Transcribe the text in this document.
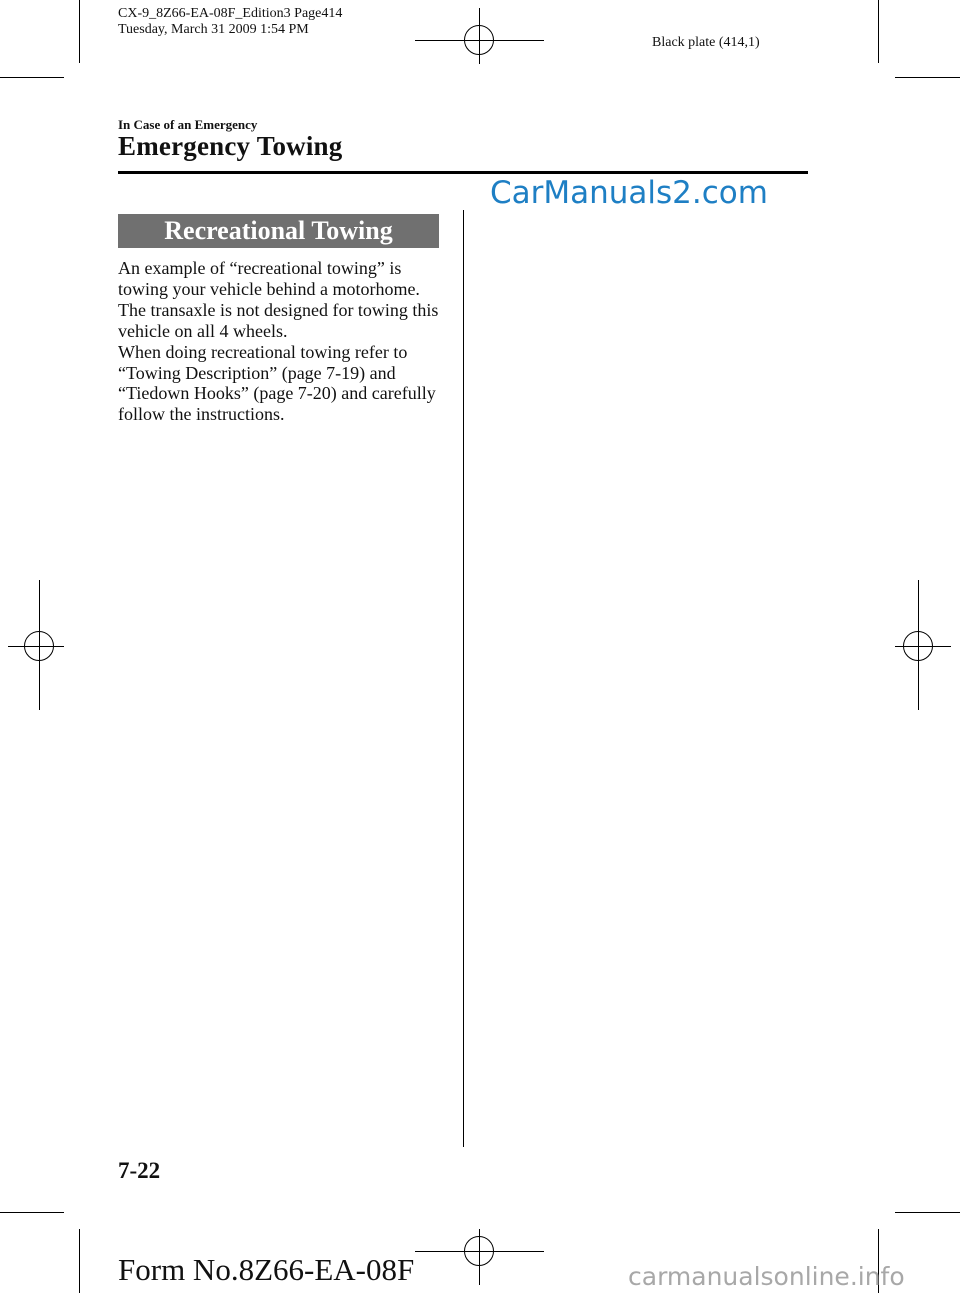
CX-9_8Z66-EA-08F_Edition3 Page414
Tuesday, March 31 2009 1:54 PM
Black plate (414,1)
In Case of an Emergency
Emergency Towing
CarManuals2.com
Recreational Towing

An example of “recreational towing” is towing your vehicle behind a motorhome. The transaxle is not designed for towing this vehicle on all 4 wheels.

When doing recreational towing refer to “Towing Description” (page 7-19) and “Tiedown Hooks” (page 7-20) and carefully follow the instructions.

7-22
Form No.8Z66-EA-08F	carmanualsonline.info
